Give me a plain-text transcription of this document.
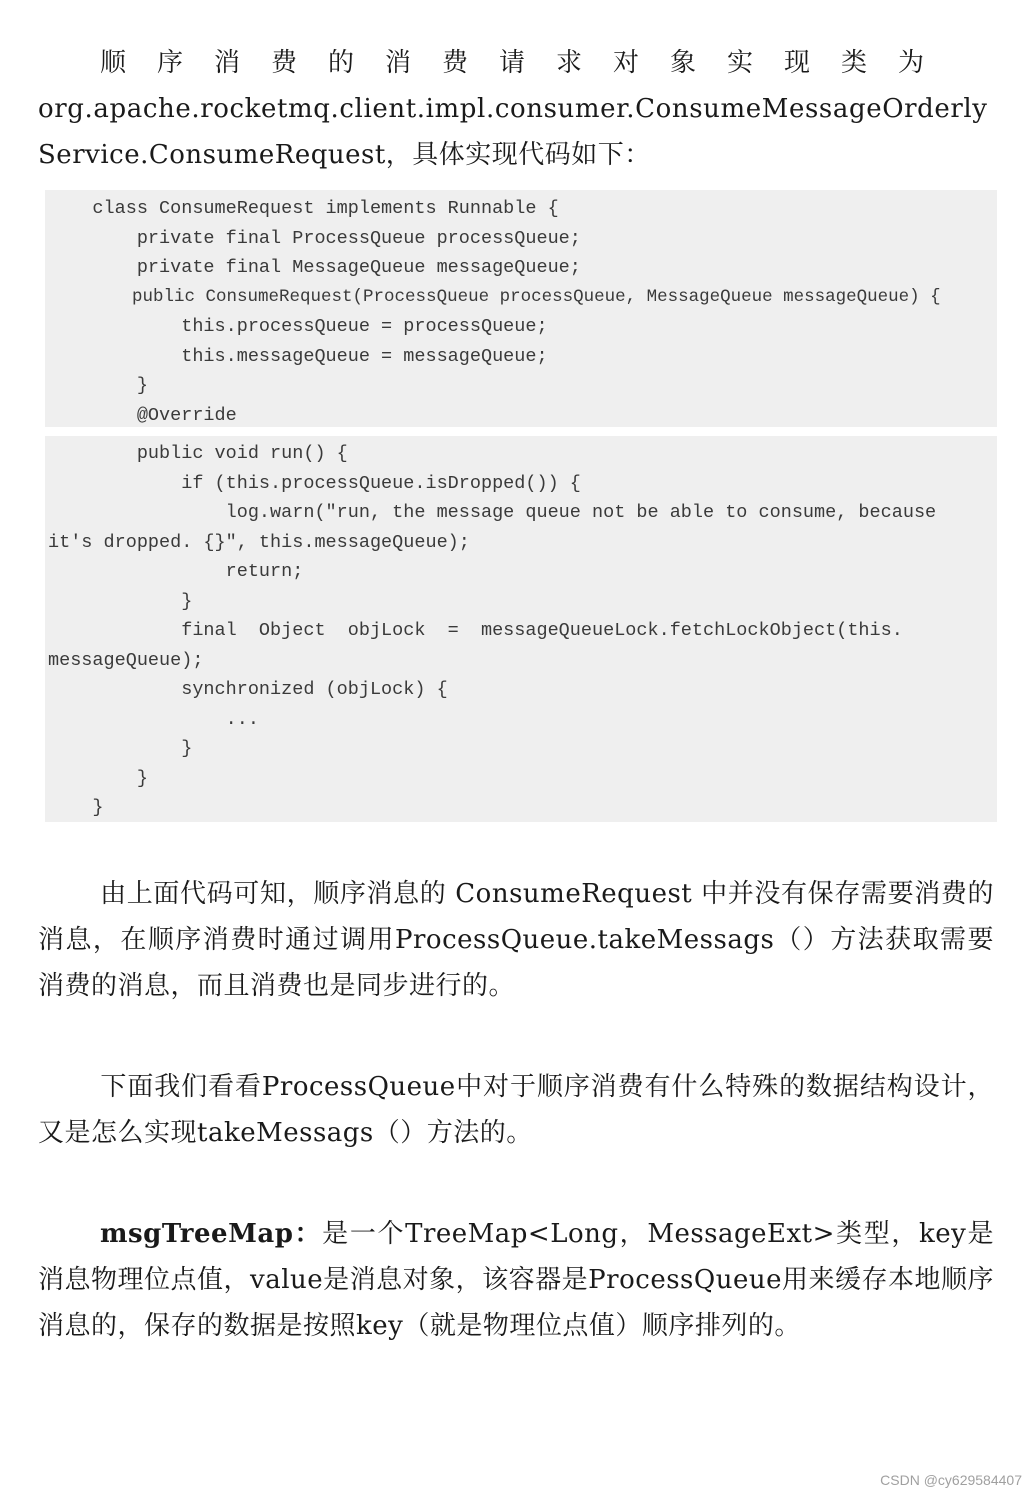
顺序消费的消费请求对象实现类为
org.apache.rocketmq.client.impl.consumer.ConsumeMessageOrderly
Service.ConsumeRequest，具体实现代码如下：

class ConsumeRequest implements Runnable {
private final ProcessQueue processQueue;
private final MessageQueue messageQueue;
public ConsumeRequest(ProcessQueue processQueue, MessageQueue messageQueue) {
this.processQueue = processQueue;
this.messageQueue = messageQueue;
}
@Override
public void run() {
if (this.processQueue.isDropped()) {
log.warn("run, the message queue not be able to consume, because
it's dropped. {}", this.messageQueue);
return;
}
final  Object  objLock  =  messageQueueLock.fetchLockObject(this.
messageQueue);
synchronized (objLock) {
...
}
}
}

由上面代码可知，顺序消息的 ConsumeRequest 中并没有保存需要消费的消息，在顺序消费时通过调用ProcessQueue.takeMessags（）方法获取需要消费的消息，而且消费也是同步进行的。

下面我们看看ProcessQueue中对于顺序消费有什么特殊的数据结构设计，又是怎么实现takeMessags（）方法的。

msgTreeMap：是一个TreeMap<Long，MessageExt>类型，key是消息物理位点值，value是消息对象，该容器是ProcessQueue用来缓存本地顺序消息的，保存的数据是按照key（就是物理位点值）顺序排列的。

CSDN @cy629584407
